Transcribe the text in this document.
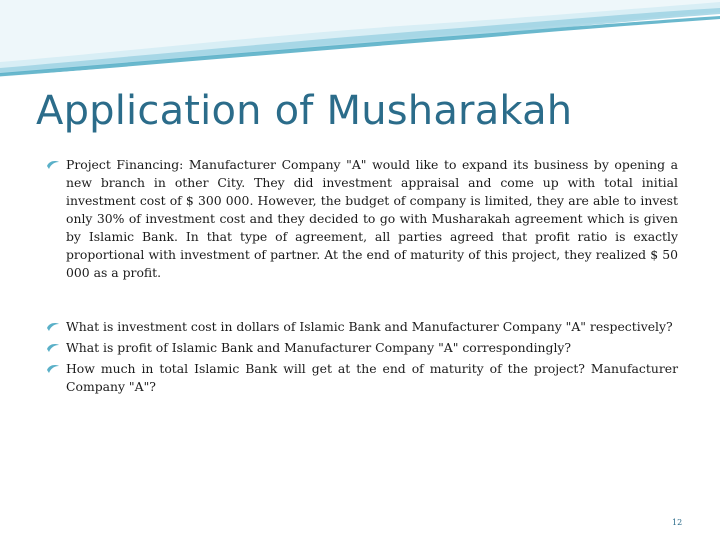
Application of Musharakah
Project Financing: Manufacturer Company "A" would like to expand its business by opening a new branch in other City. They did investment appraisal and come up with total initial investment cost of $ 300 000. However, the budget of company is limited, they are able to invest only 30% of investment cost and they decided to go with Musharakah agreement which is given by Islamic Bank. In that type of agreement, all parties agreed that profit ratio is exactly proportional with investment of partner. At the end of maturity of this project, they realized $ 50 000 as a profit.
What is investment cost in dollars of Islamic Bank and Manufacturer Company "A" respectively?
What is profit of Islamic Bank and Manufacturer Company "A" correspondingly?
How much in total Islamic Bank will get at the end of maturity of the project? Manufacturer Company "A"?
12
